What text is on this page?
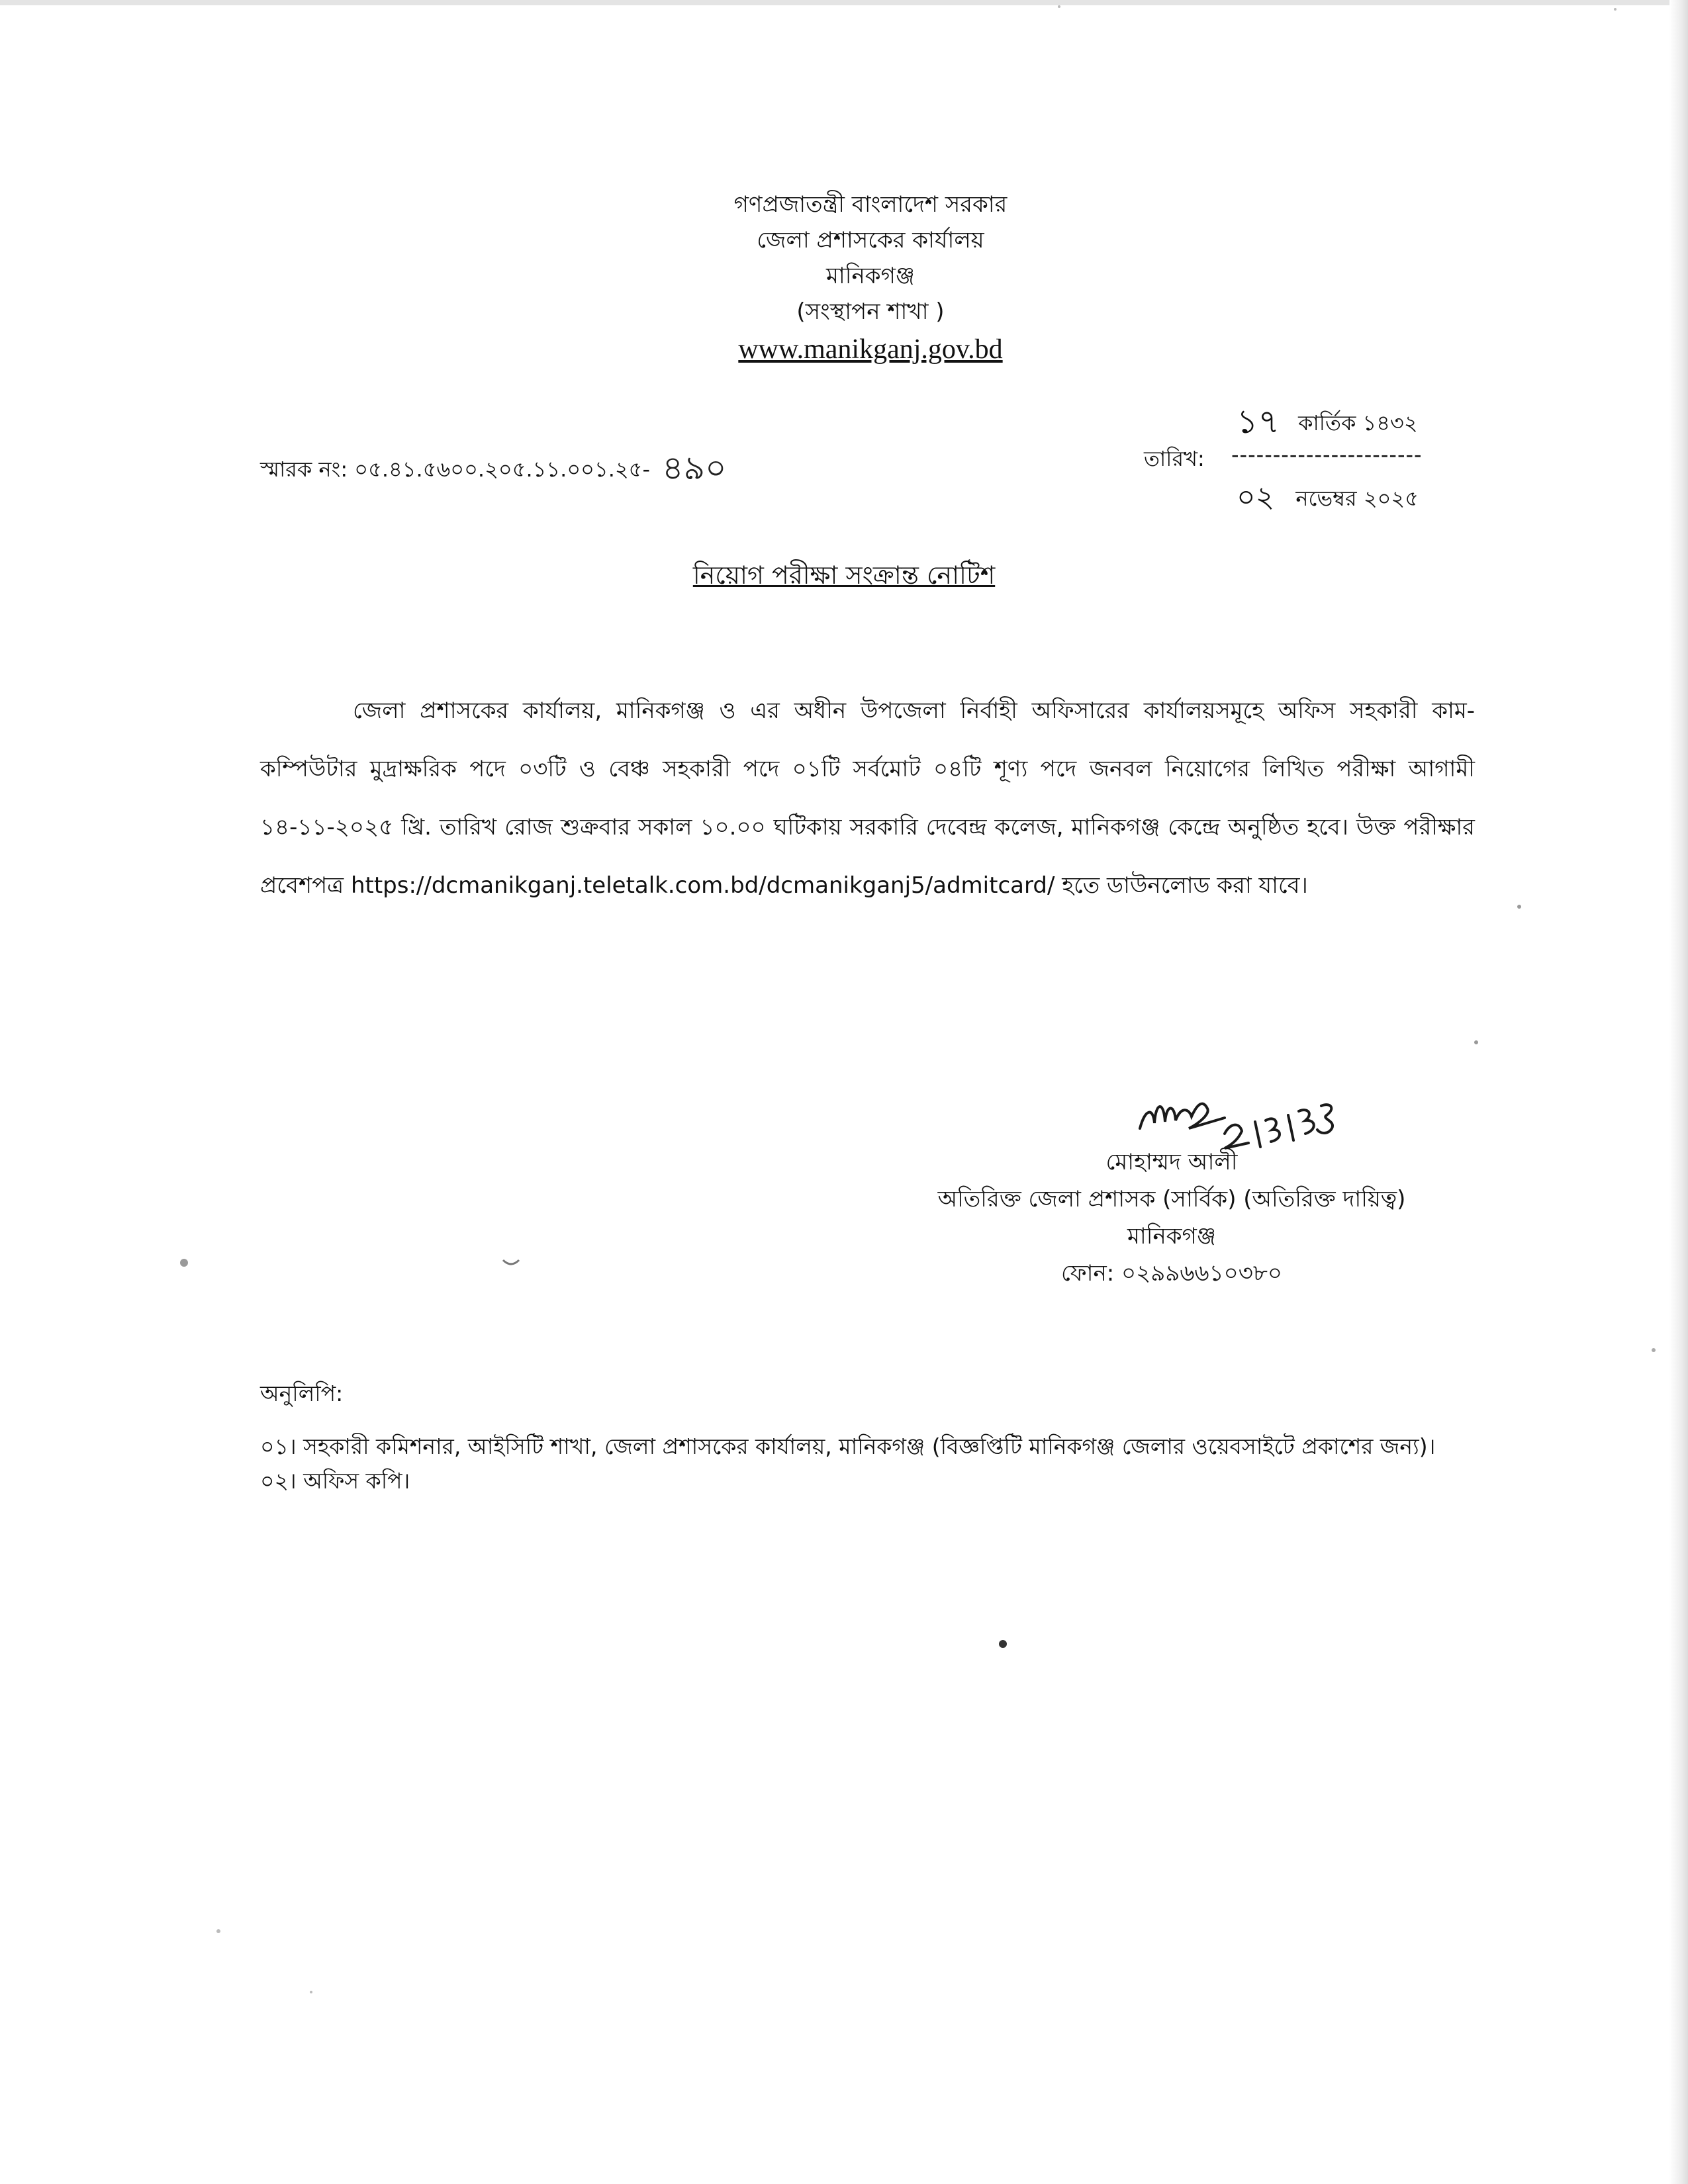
গণপ্রজাতন্ত্রী বাংলাদেশ সরকার
জেলা প্রশাসকের কার্যালয়
মানিকগঞ্জ
(সংস্থাপন শাখা )
www.manikganj.gov.bd
স্মারক নং: ০৫.৪১.৫৬০০.২০৫.১১.০০১.২৫- ৪৯০
১৭ কার্তিক ১৪৩২
তারিখ: -----------------------
০২ নভেম্বর ২০২৫
নিয়োগ পরীক্ষা সংক্রান্ত নোটিশ
জেলা প্রশাসকের কার্যালয়, মানিকগঞ্জ ও এর অধীন উপজেলা নির্বাহী অফিসারের কার্যালয়সমূহে অফিস সহকারী কাম-কম্পিউটার মুদ্রাক্ষরিক পদে ০৩টি ও বেঞ্চ সহকারী পদে ০১টি সর্বমোট ০৪টি শূণ্য পদে জনবল নিয়োগের লিখিত পরীক্ষা আগামী ১৪-১১-২০২৫ খ্রি. তারিখ রোজ শুক্রবার সকাল ১০.০০ ঘটিকায় সরকারি দেবেন্দ্র কলেজ, মানিকগঞ্জ কেন্দ্রে অনুষ্ঠিত হবে। উক্ত পরীক্ষার প্রবেশপত্র https://dcmanikganj.teletalk.com.bd/dcmanikganj5/admitcard/ হতে ডাউনলোড করা যাবে।
মোহাম্মদ আলী
অতিরিক্ত জেলা প্রশাসক (সার্বিক) (অতিরিক্ত দায়িত্ব)
মানিকগঞ্জ
ফোন: ০২৯৯৬৬১০৩৮০
অনুলিপি:

০১। সহকারী কমিশনার, আইসিটি শাখা, জেলা প্রশাসকের কার্যালয়, মানিকগঞ্জ (বিজ্ঞপ্তিটি মানিকগঞ্জ জেলার ওয়েবসাইটে প্রকাশের জন্য)।

০২। অফিস কপি।
